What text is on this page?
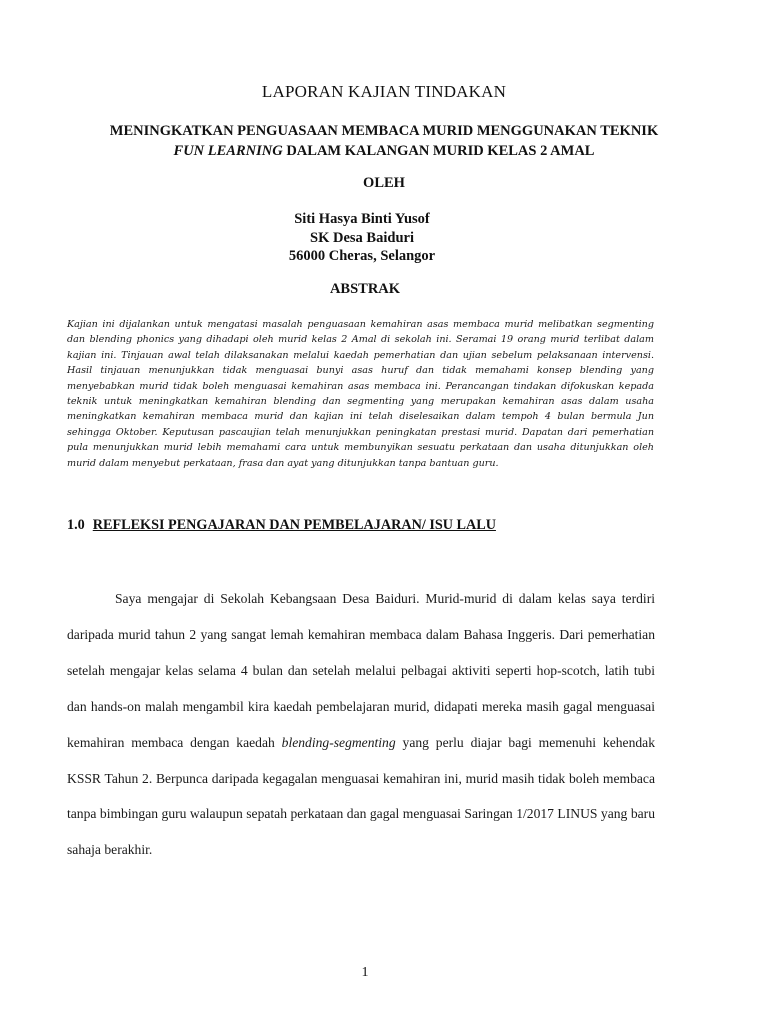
LAPORAN KAJIAN TINDAKAN
MENINGKATKAN PENGUASAAN MEMBACA MURID MENGGUNAKAN TEKNIK
FUN LEARNING DALAM KALANGAN MURID KELAS 2 AMAL
OLEH
Siti Hasya Binti Yusof
SK Desa Baiduri
56000 Cheras, Selangor
ABSTRAK
Kajian ini dijalankan untuk mengatasi masalah penguasaan kemahiran asas membaca murid melibatkan segmenting dan blending phonics yang dihadapi oleh murid kelas 2 Amal di sekolah ini. Seramai 19 orang murid terlibat dalam kajian ini. Tinjauan awal telah dilaksanakan melalui kaedah pemerhatian dan ujian sebelum pelaksanaan intervensi. Hasil tinjauan menunjukkan tidak menguasai bunyi asas huruf dan tidak memahami konsep blending yang menyebabkan murid tidak boleh menguasai kemahiran asas membaca ini. Perancangan tindakan difokuskan kepada teknik untuk meningkatkan kemahiran blending dan segmenting yang merupakan kemahiran asas dalam usaha meningkatkan kemahiran membaca murid dan kajian ini telah diselesaikan dalam tempoh 4 bulan bermula Jun sehingga Oktober. Keputusan pascaujian telah menunjukkan peningkatan prestasi murid. Dapatan dari pemerhatian pula menunjukkan murid lebih memahami cara untuk membunyikan sesuatu perkataan dan usaha ditunjukkan oleh murid dalam menyebut perkataan, frasa dan ayat yang ditunjukkan tanpa bantuan guru.
1.0 REFLEKSI PENGAJARAN DAN PEMBELAJARAN/ ISU LALU
Saya mengajar di Sekolah Kebangsaan Desa Baiduri. Murid-murid di dalam kelas saya terdiri daripada murid tahun 2 yang sangat lemah kemahiran membaca dalam Bahasa Inggeris. Dari pemerhatian setelah mengajar kelas selama 4 bulan dan setelah melalui pelbagai aktiviti seperti hop-scotch, latih tubi dan hands-on malah mengambil kira kaedah pembelajaran murid, didapati mereka masih gagal menguasai kemahiran membaca dengan kaedah blending-segmenting yang perlu diajar bagi memenuhi kehendak KSSR Tahun 2. Berpunca daripada kegagalan menguasai kemahiran ini, murid masih tidak boleh membaca tanpa bimbingan guru walaupun sepatah perkataan dan gagal menguasai Saringan 1/2017 LINUS yang baru sahaja berakhir.
1
